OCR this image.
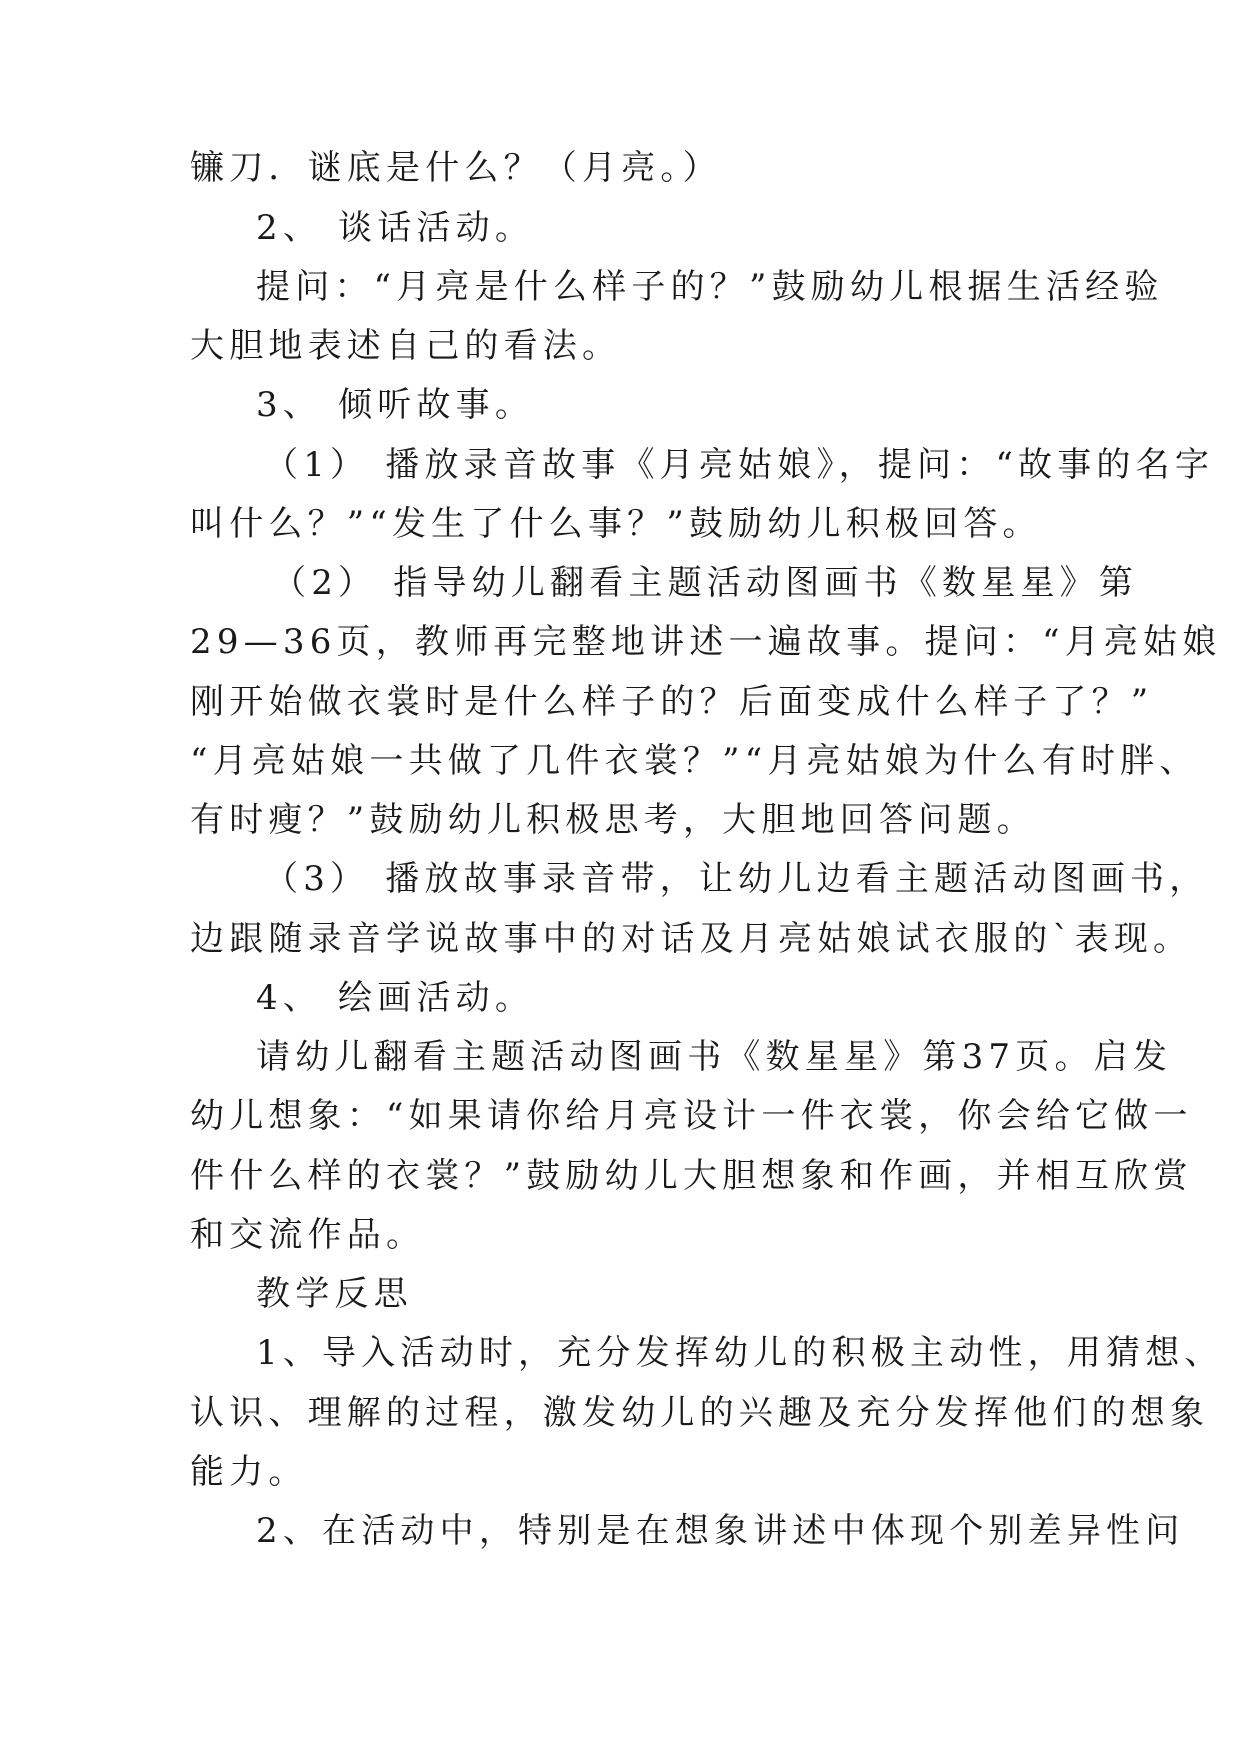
镰刀．谜底是什么？（月亮。）
2、 谈话活动。
提问：“月亮是什么样子的？”鼓励幼儿根据生活经验
大胆地表述自己的看法。
3、 倾听故事。
（1） 播放录音故事《月亮姑娘》，提问：“故事的名字
叫什么？”“发生了什么事？”鼓励幼儿积极回答。
（2） 指导幼儿翻看主题活动图画书《数星星》第
29—36页，教师再完整地讲述一遍故事。提问：“月亮姑娘
刚开始做衣裳时是什么样子的？后面变成什么样子了？”
“月亮姑娘一共做了几件衣裳？”“月亮姑娘为什么有时胖、
有时瘦？”鼓励幼儿积极思考，大胆地回答问题。
（3） 播放故事录音带，让幼儿边看主题活动图画书，
边跟随录音学说故事中的对话及月亮姑娘试衣服的`表现。
4、 绘画活动。
请幼儿翻看主题活动图画书《数星星》第37页。启发
幼儿想象：“如果请你给月亮设计一件衣裳，你会给它做一
件什么样的衣裳？”鼓励幼儿大胆想象和作画，并相互欣赏
和交流作品。
教学反思
1、导入活动时，充分发挥幼儿的积极主动性，用猜想、
认识、理解的过程，激发幼儿的兴趣及充分发挥他们的想象
能力。
2、在活动中，特别是在想象讲述中体现个别差异性问
